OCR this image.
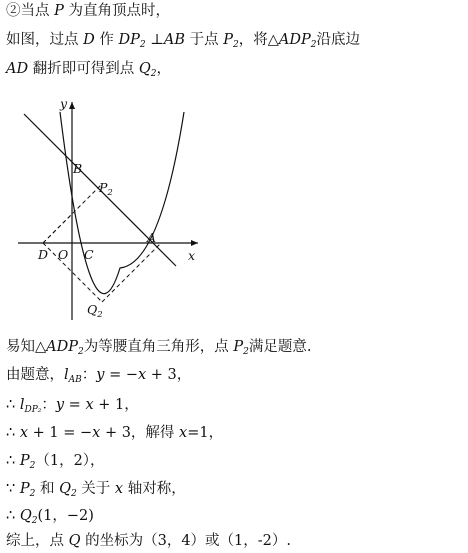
②当点 P 为直角顶点时，
如图，过点 D 作 $DP_2$ ⊥AB 于点 $P_2$，将$\triangle ADP_2$沿底边
AD 翻折即可得到点 $Q_2$，
y
x
B
$P_2$
A
D O C
$Q_2$
易知$\triangle ADP_2$为等腰直角三角形，点 $P_2$满足题意.
由题意，$l_{AB}$：y = −x + 3，
∴ $l_{DP_2}$：y = x + 1，
∴ x + 1 = −x + 3，解得 x=1，
∴ $P_2(1$，2），
∵ $P_2$ 和 $Q_2$ 关于 x 轴对称，
∴ $Q_2(1$，−2)
综上，点 Q 的坐标为（3，4）或（1，-2）.
